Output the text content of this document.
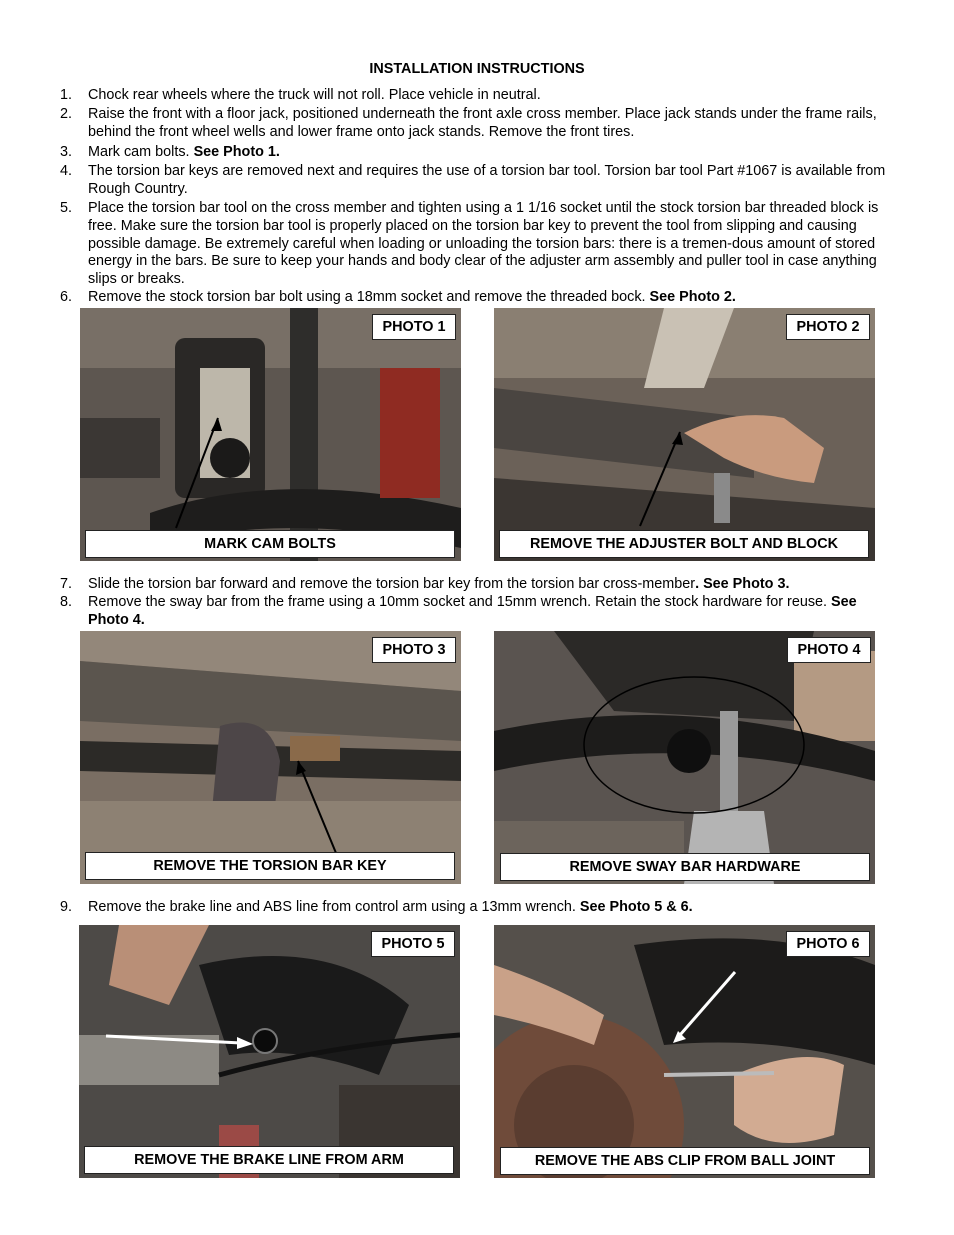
INSTALLATION INSTRUCTIONS
1.	Chock rear wheels where the truck will not roll. Place vehicle in neutral.
2.	Raise the front with a floor jack, positioned underneath the front axle cross member. Place jack stands under the frame rails, behind the front wheel wells and lower frame onto jack stands. Remove the front tires.
3.	Mark cam bolts. See Photo 1.
4.	The torsion bar keys are removed next and requires the use of a torsion bar tool. Torsion bar tool Part #1067 is available from Rough Country.
5.	Place the torsion bar tool on the cross member and tighten using a 1 1/16 socket until the stock torsion bar threaded block is free. Make sure the torsion bar tool is properly placed on the torsion bar key to prevent the tool from slipping and causing possible damage. Be extremely careful when loading or unloading the torsion bars: there is a tremen-dous amount of stored energy in the bars. Be sure to keep your hands and body clear of the adjuster arm assembly and puller tool in case anything slips or breaks.
6.	Remove the stock torsion bar bolt using a 18mm socket and remove the threaded bock. See Photo 2.
PHOTO 1
MARK CAM BOLTS
PHOTO 2
REMOVE THE ADJUSTER BOLT AND BLOCK
7.	Slide the torsion bar forward and remove the torsion bar key from the torsion bar cross-member. See Photo 3.
8.	Remove the sway bar from the frame using a 10mm socket and 15mm wrench. Retain the stock hardware for reuse. See Photo 4.
PHOTO 3
REMOVE THE TORSION BAR KEY
PHOTO 4
REMOVE SWAY BAR HARDWARE
9.	Remove the brake line and ABS line from control arm using a 13mm wrench. See Photo 5 & 6.
PHOTO 5
REMOVE THE BRAKE LINE FROM ARM
PHOTO 6
REMOVE THE ABS CLIP FROM BALL JOINT
